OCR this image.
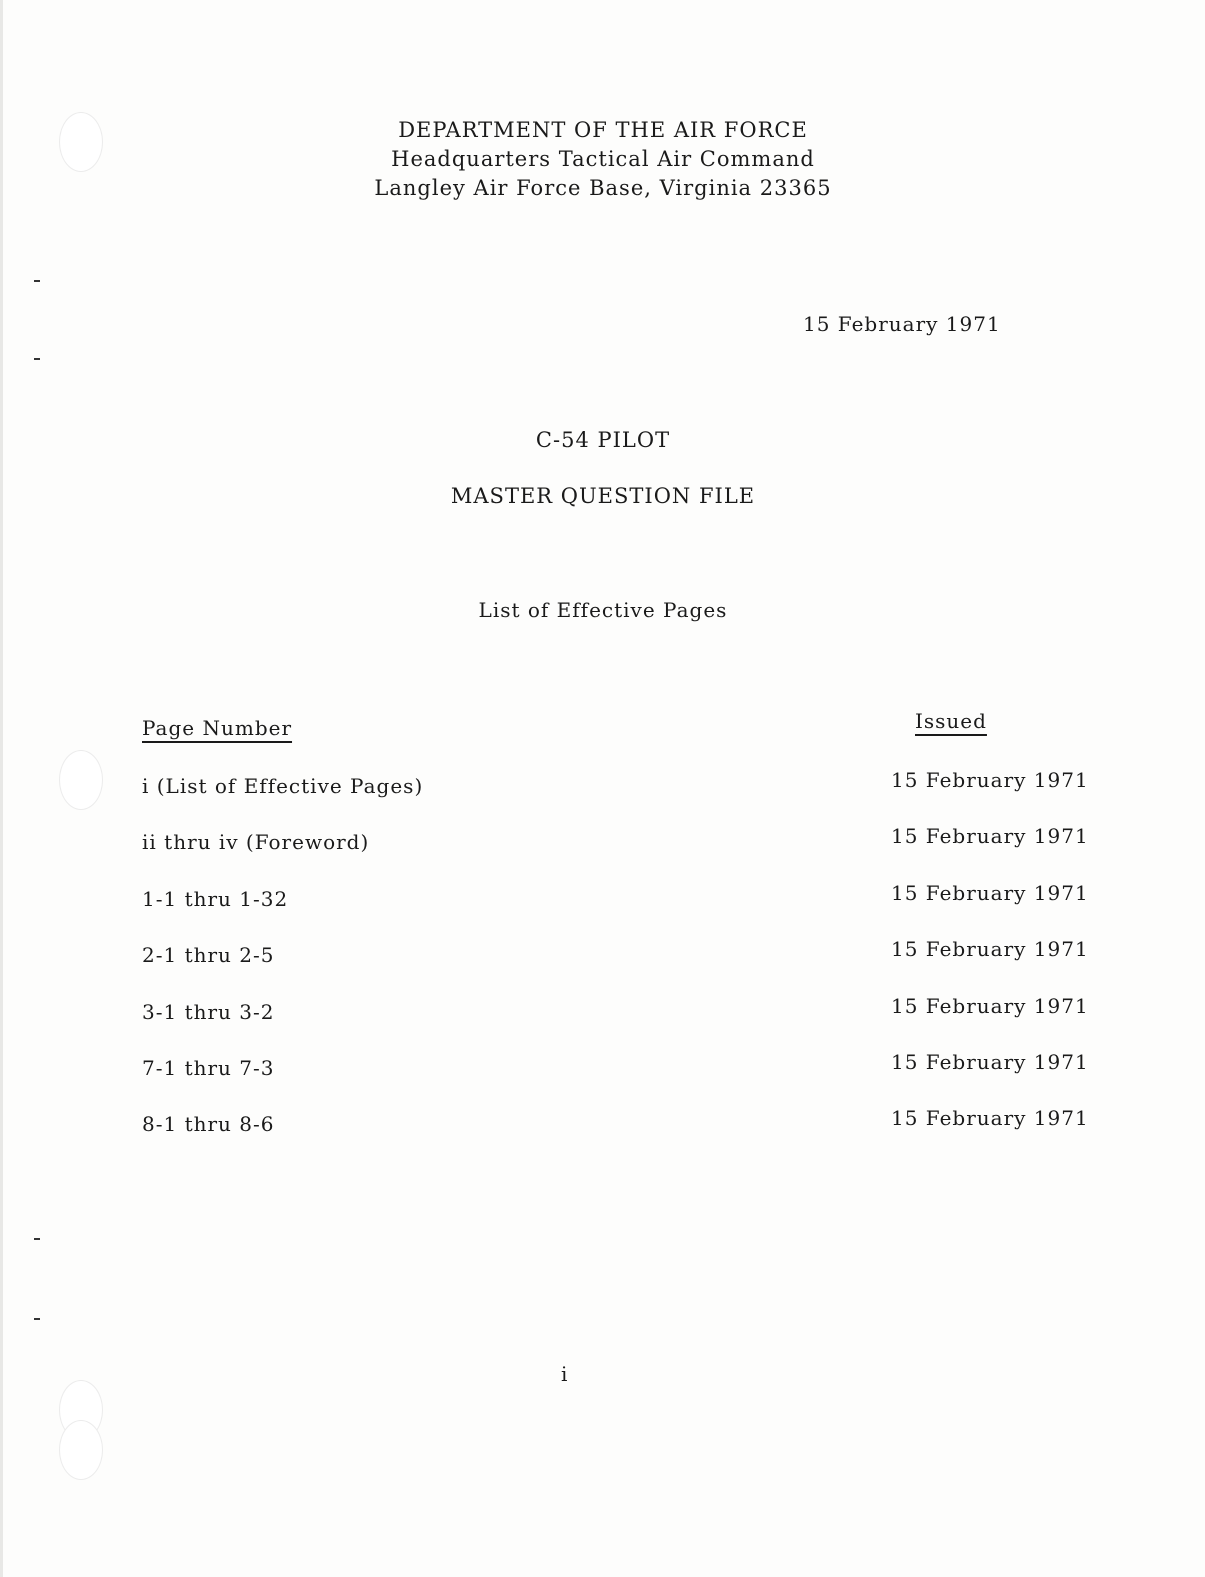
DEPARTMENT OF THE AIR FORCE
Headquarters Tactical Air Command
Langley Air Force Base, Virginia 23365
15 February 1971
C-54 PILOT
MASTER QUESTION FILE
List of Effective Pages
Page Number	Issued
i (List of Effective Pages)	15 February 1971
ii thru iv (Foreword)	15 February 1971
1-1 thru 1-32	15 February 1971
2-1 thru 2-5	15 February 1971
3-1 thru 3-2	15 February 1971
7-1 thru 7-3	15 February 1971
8-1 thru 8-6	15 February 1971
i
